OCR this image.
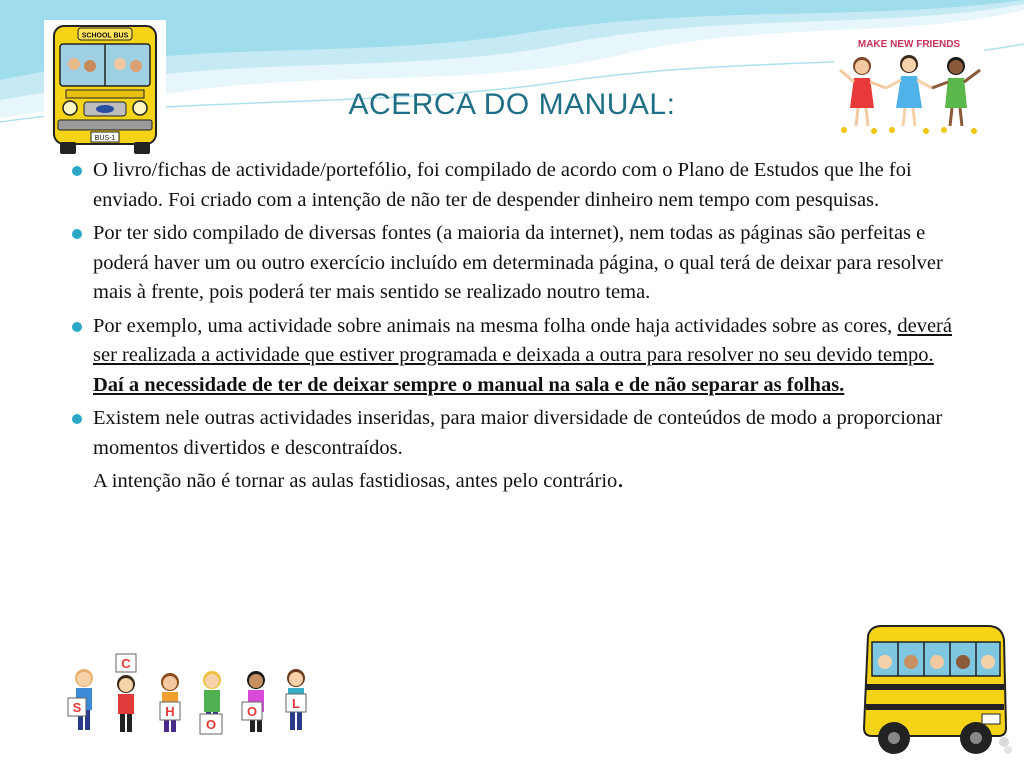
SCHOOL BUS
BUS-1
MAKE NEW FRIENDS
ACERCA DO MANUAL:

O livro/fichas de actividade/portefólio, foi compilado de acordo com o Plano de Estudos que lhe foi enviado. Foi criado com a intenção de não ter de despender dinheiro nem tempo com pesquisas.

Por ter sido compilado de diversas fontes (a maioria da internet), nem todas as páginas são perfeitas e poderá haver um ou outro exercício incluído em determinada página, o qual terá de deixar para resolver mais à frente, pois poderá ter mais sentido se realizado noutro tema.

Por exemplo, uma actividade sobre animais na mesma folha onde haja actividades sobre as cores, deverá ser realizada a actividade que estiver programada e deixada a outra para resolver no seu devido tempo. Daí a necessidade de ter de deixar sempre o manual na sala e de não separar as folhas.

Existem nele outras actividades inseridas, para maior diversidade de conteúdos de modo a proporcionar momentos divertidos e descontraídos.

A intenção não é tornar as aulas fastidiosas, antes pelo contrário.

S
C
H
O
O
L
